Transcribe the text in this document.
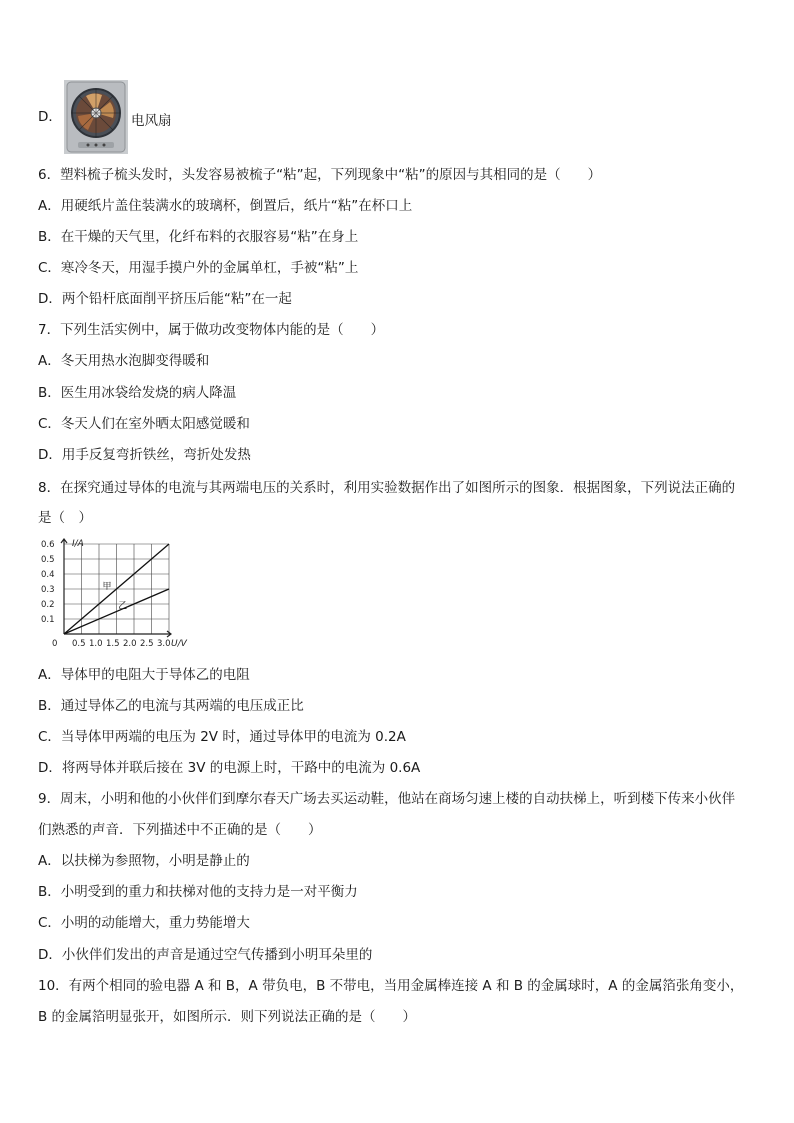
D．	电风扇
6．塑料梳子梳头发时，头发容易被梳子“粘”起，下列现象中“粘”的原因与其相同的是（　　）
A．用硬纸片盖住装满水的玻璃杯，倒置后，纸片“粘”在杯口上
B．在干燥的天气里，化纤布料的衣服容易“粘”在身上
C．寒冷冬天，用湿手摸户外的金属单杠，手被“粘”上
D．两个铅杆底面削平挤压后能“粘”在一起
7．下列生活实例中，属于做功改变物体内能的是（　　）
A．冬天用热水泡脚变得暖和
B．医生用冰袋给发烧的病人降温
C．冬天人们在室外晒太阳感觉暖和
D．用手反复弯折铁丝，弯折处发热
8．在探究通过导体的电流与其两端电压的关系时，利用实验数据作出了如图所示的图象．根据图象，下列说法正确的
是（　）
I/A
U/V
0 0.5 1.0 1.5 2.0 2.5 3.0
0.1
0.2
0.3
0.4
0.5
0.6
甲
乙
A．导体甲的电阻大于导体乙的电阻
B．通过导体乙的电流与其两端的电压成正比
C．当导体甲两端的电压为 2V 时，通过导体甲的电流为 0.2A
D．将两导体并联后接在 3V 的电源上时，干路中的电流为 0.6A
9．周末，小明和他的小伙伴们到摩尔春天广场去买运动鞋，他站在商场匀速上楼的自动扶梯上，听到楼下传来小伙伴
们熟悉的声音．下列描述中不正确的是（　　）
A．以扶梯为参照物，小明是静止的
B．小明受到的重力和扶梯对他的支持力是一对平衡力
C．小明的动能增大，重力势能增大
D．小伙伴们发出的声音是通过空气传播到小明耳朵里的
10．有两个相同的验电器 A 和 B，A 带负电，B 不带电，当用金属棒连接 A 和 B 的金属球时，A 的金属箔张角变小，
B 的金属箔明显张开，如图所示．则下列说法正确的是（　　）
